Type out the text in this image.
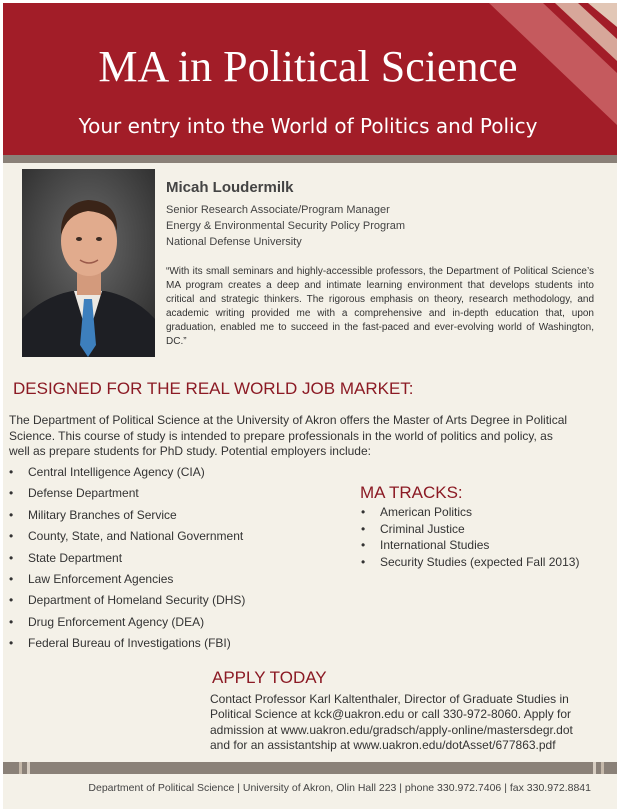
MA in Political Science
Your entry into the World of Politics and Policy
Micah Loudermilk
Senior Research Associate/Program Manager
Energy & Environmental Security Policy Program
National Defense University

“With its small seminars and highly-accessible professors, the Department of Political Science’s MA program creates a deep and intimate learning environment that develops students into critical and strategic thinkers. The rigorous emphasis on theory, research methodology, and academic writing provided me with a comprehensive and in-depth education that, upon graduation, enabled me to succeed in the fast-paced and ever-evolving world of Washington, DC.”

DESIGNED FOR THE REAL WORLD JOB MARKET:

The Department of Political Science at the University of Akron offers the Master of Arts Degree in Political Science. This course of study is intended to prepare professionals in the world of politics and policy, as well as prepare students for PhD study. Potential employers include:

• Central Intelligence Agency (CIA)
• Defense Department
• Military Branches of Service
• County, State, and National Government
• State Department
• Law Enforcement Agencies
• Department of Homeland Security (DHS)
• Drug Enforcement Agency (DEA)
• Federal Bureau of Investigations (FBI)
MA TRACKS:
• American Politics
• Criminal Justice
• International Studies
• Security Studies (expected Fall 2013)
APPLY TODAY

Contact Professor Karl Kaltenthaler, Director of Graduate Studies in Political Science at kck@uakron.edu or call 330-972-8060. Apply for admission at www.uakron.edu/gradsch/apply-online/mastersdegr.dot and for an assistantship at www.uakron.edu/dotAsset/677863.pdf

Department of Political Science | University of Akron, Olin Hall 223 | phone 330.972.7406 | fax 330.972.8841
